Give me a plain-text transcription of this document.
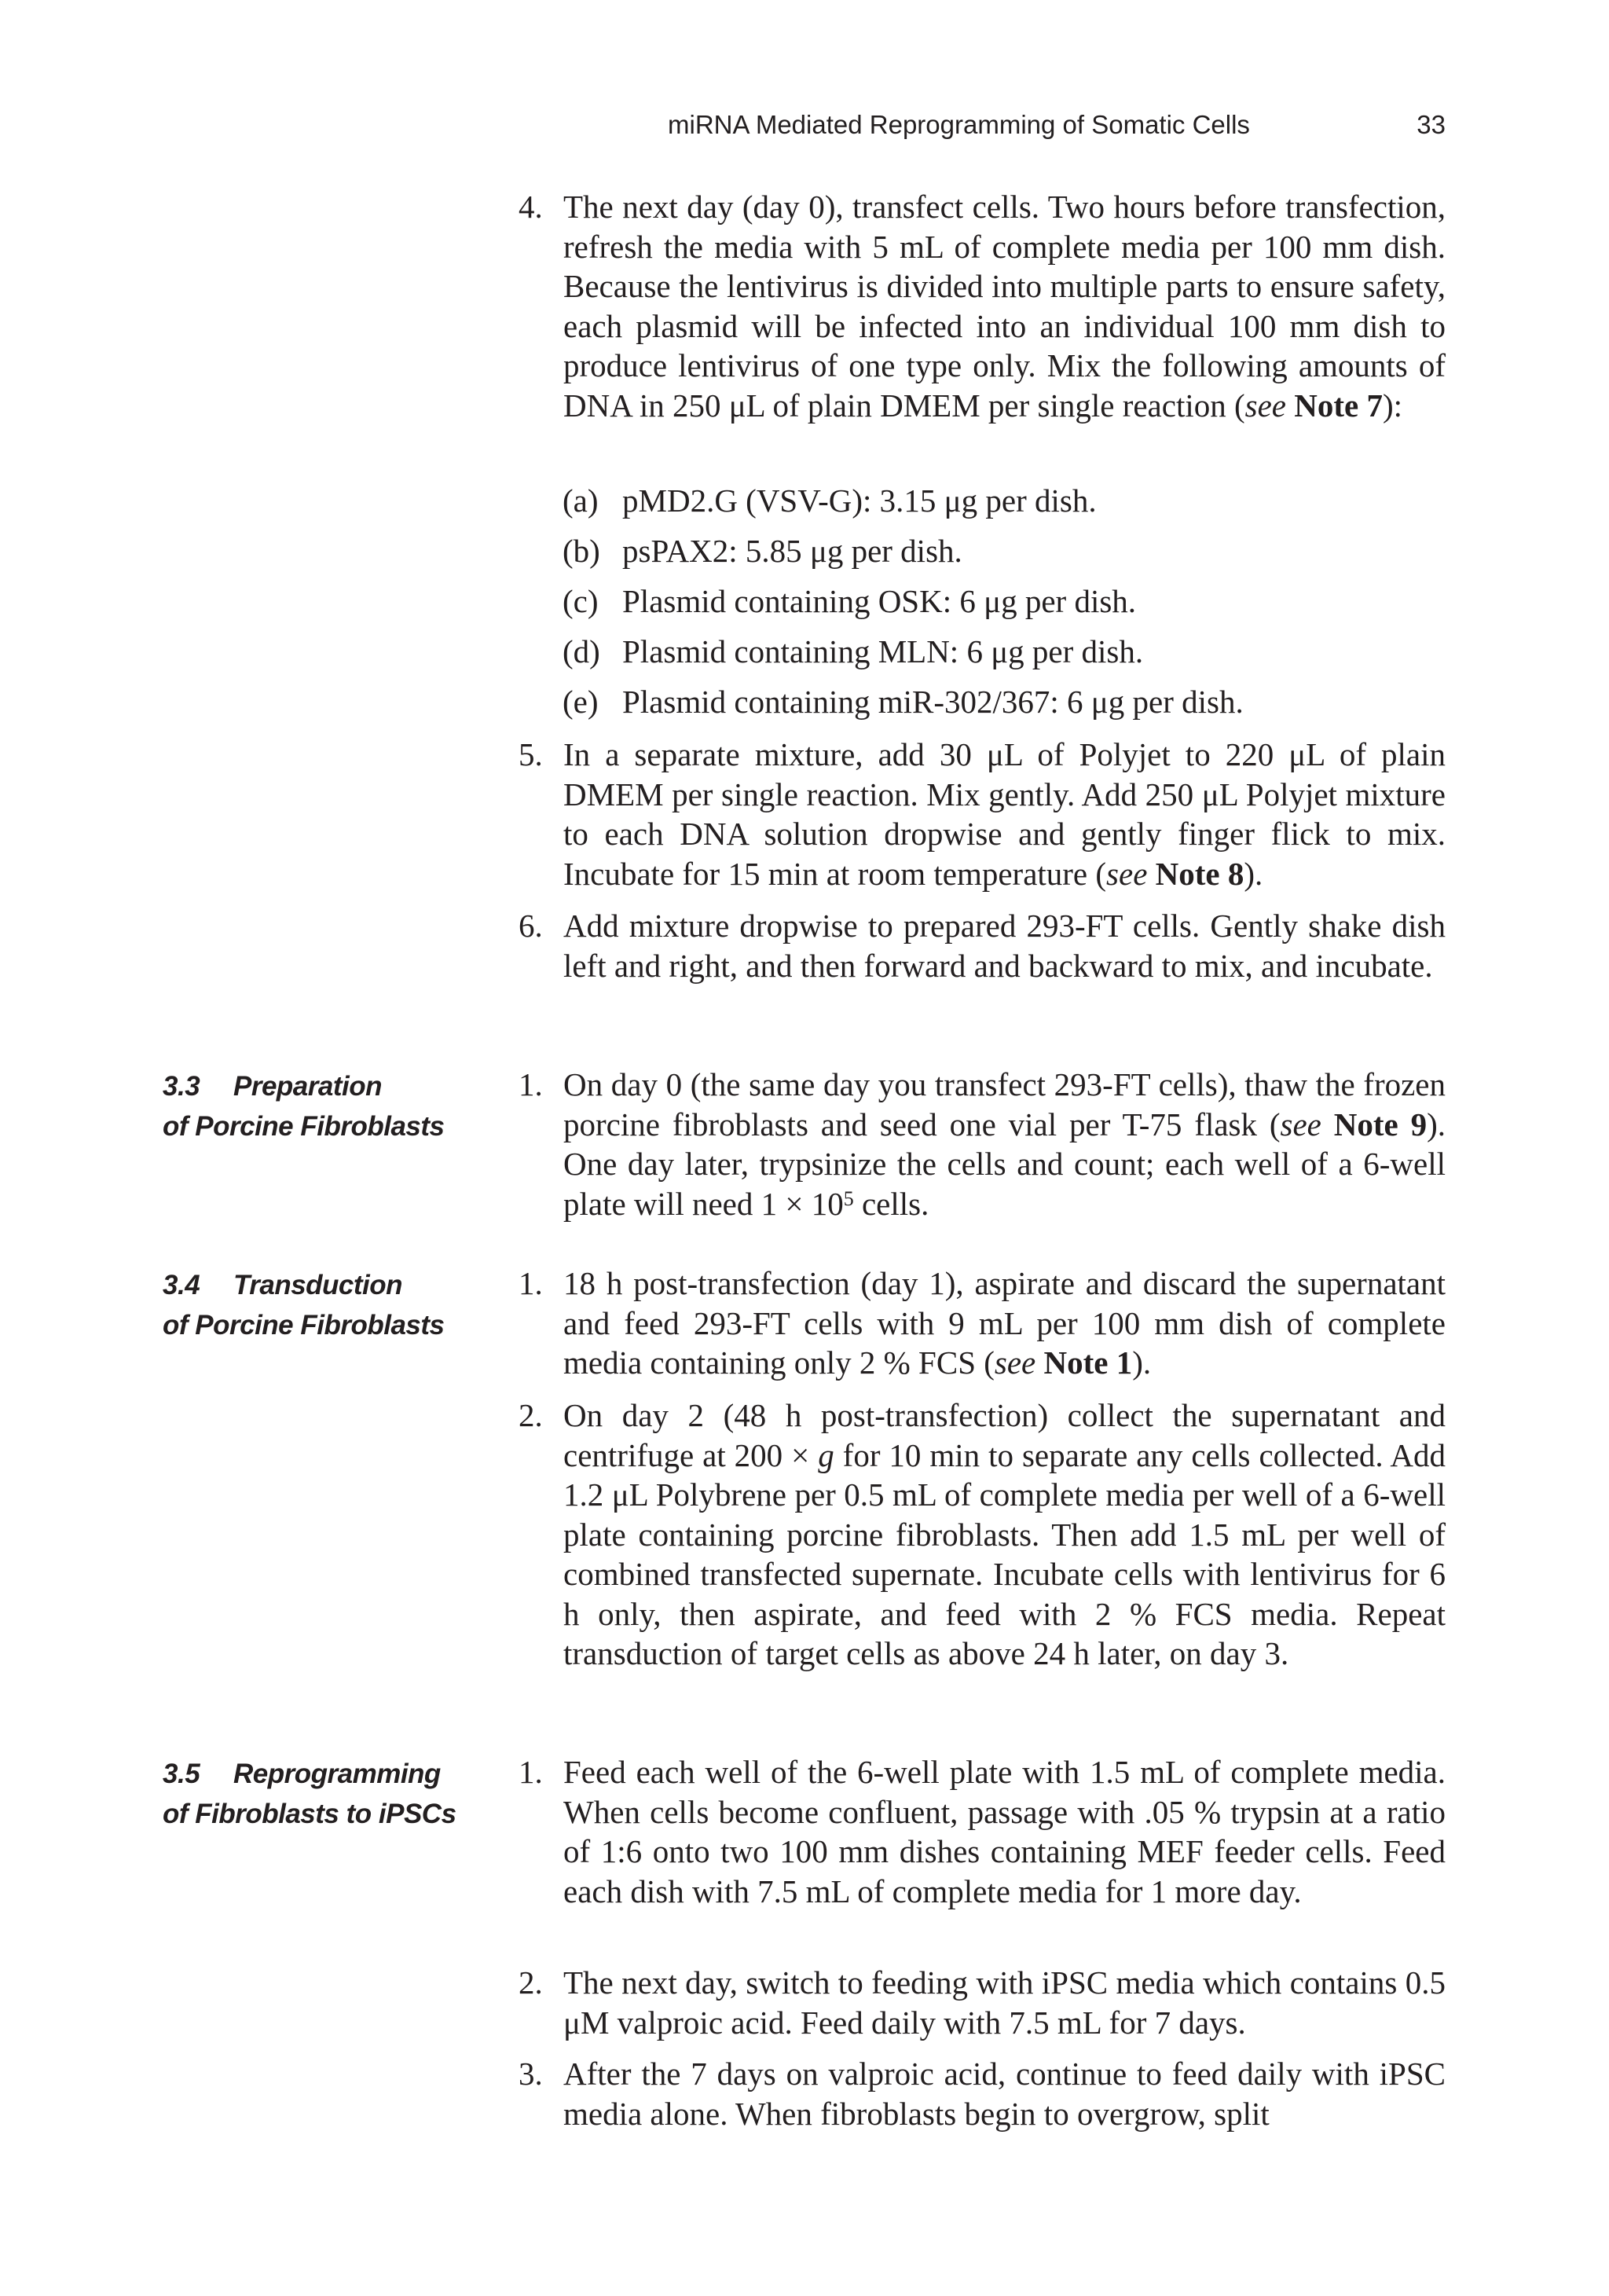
miRNA Mediated Reprogramming of Somatic Cells	33
4. The next day (day 0), transfect cells. Two hours before transfection, refresh the media with 5 mL of complete media per 100 mm dish. Because the lentivirus is divided into multiple parts to ensure safety, each plasmid will be infected into an individual 100 mm dish to produce lentivirus of one type only. Mix the following amounts of DNA in 250 μL of plain DMEM per single reaction (see Note 7):
(a) pMD2.G (VSV-G): 3.15 μg per dish.
(b) psPAX2: 5.85 μg per dish.
(c) Plasmid containing OSK: 6 μg per dish.
(d) Plasmid containing MLN: 6 μg per dish.
(e) Plasmid containing miR-302/367: 6 μg per dish.
5. In a separate mixture, add 30 μL of Polyjet to 220 μL of plain DMEM per single reaction. Mix gently. Add 250 μL Polyjet mixture to each DNA solution dropwise and gently finger flick to mix. Incubate for 15 min at room temperature (see Note 8).
6. Add mixture dropwise to prepared 293-FT cells. Gently shake dish left and right, and then forward and backward to mix, and incubate.
3.3 Preparation
of Porcine Fibroblasts
1. On day 0 (the same day you transfect 293-FT cells), thaw the frozen porcine fibroblasts and seed one vial per T-75 flask (see Note 9). One day later, trypsinize the cells and count; each well of a 6-well plate will need $1 \times 10^5$ cells.
3.4 Transduction
of Porcine Fibroblasts
1. 18 h post-transfection (day 1), aspirate and discard the supernatant and feed 293-FT cells with 9 mL per 100 mm dish of complete media containing only 2 % FCS (see Note 1).
2. On day 2 (48 h post-transfection) collect the supernatant and centrifuge at 200 × g for 10 min to separate any cells collected. Add 1.2 μL Polybrene per 0.5 mL of complete media per well of a 6-well plate containing porcine fibroblasts. Then add 1.5 mL per well of combined transfected supernate. Incubate cells with lentivirus for 6 h only, then aspirate, and feed with 2 % FCS media. Repeat transduction of target cells as above 24 h later, on day 3.
3.5 Reprogramming
of Fibroblasts to iPSCs
1. Feed each well of the 6-well plate with 1.5 mL of complete media. When cells become confluent, passage with .05 % trypsin at a ratio of 1:6 onto two 100 mm dishes containing MEF feeder cells. Feed each dish with 7.5 mL of complete media for 1 more day.
2. The next day, switch to feeding with iPSC media which contains 0.5 μM valproic acid. Feed daily with 7.5 mL for 7 days.
3. After the 7 days on valproic acid, continue to feed daily with iPSC media alone. When fibroblasts begin to overgrow, split
